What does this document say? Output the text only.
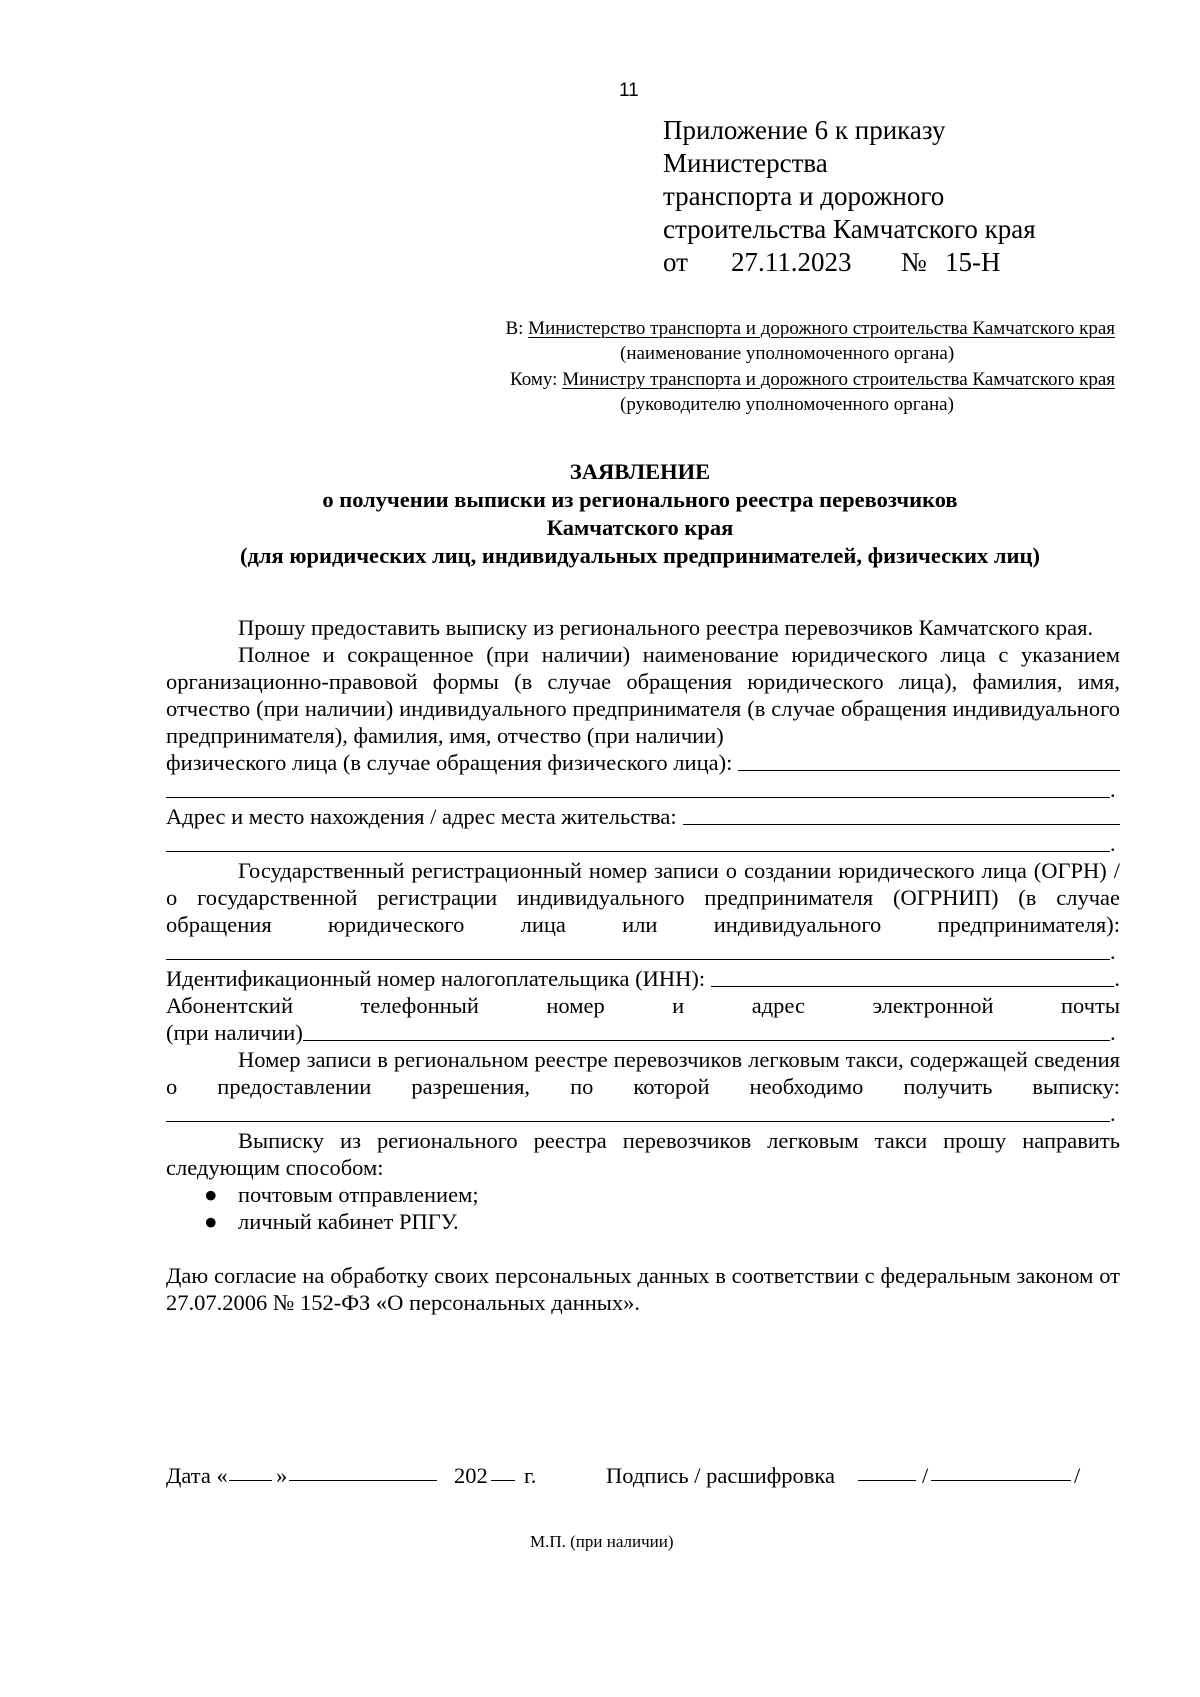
11
Приложение 6 к приказу
Министерства
транспорта и дорожного
строительства Камчатского края
от 27.11.2023 № 15-Н
В: Министерство транспорта и дорожного строительства Камчатского края
(наименование уполномоченного органа)
Кому: Министру транспорта и дорожного строительства Камчатского края
(руководителю уполномоченного органа)
ЗАЯВЛЕНИЕ
о получении выписки из регионального реестра перевозчиков
Камчатского края
(для юридических лиц, индивидуальных предпринимателей, физических лиц)

Прошу предоставить выписку из регионального реестра перевозчиков Камчатского края.

Полное и сокращенное (при наличии) наименование юридического лица с указанием организационно-правовой формы (в случае обращения юридического лица), фамилия, имя, отчество (при наличии) индивидуального предпринимателя (в случае обращения индивидуального предпринимателя), фамилия, имя, отчество (при наличии)

физического лица (в случае обращения физического лица):
.
Адрес и место нахождения / адрес места жительства:
.

Государственный регистрационный номер записи о создании юридического лица (ОГРН) / о государственной регистрации индивидуального предпринимателя (ОГРНИП) (в случае обращения юридического лица или индивидуального предпринимателя):

.
Идентификационный номер налогоплательщика (ИНН):	.

Абонентский телефонный номер и адрес электронной почты

(при наличии)	.

Номер записи в региональном реестре перевозчиков легковым такси, содержащей сведения о предоставлении разрешения, по которой необходимо получить выписку:

.

Выписку из регионального реестра перевозчиков легковым такси прошу направить следующим способом:

● почтовым отправлением;
● личный кабинет РПГУ.

Даю согласие на обработку своих персональных данных в соответствии с федеральным законом от 27.07.2006 № 152-ФЗ «О персональных данных».

Дата « »	202 г.	Подпись / расшифровка	/	/
М.П. (при наличии)
